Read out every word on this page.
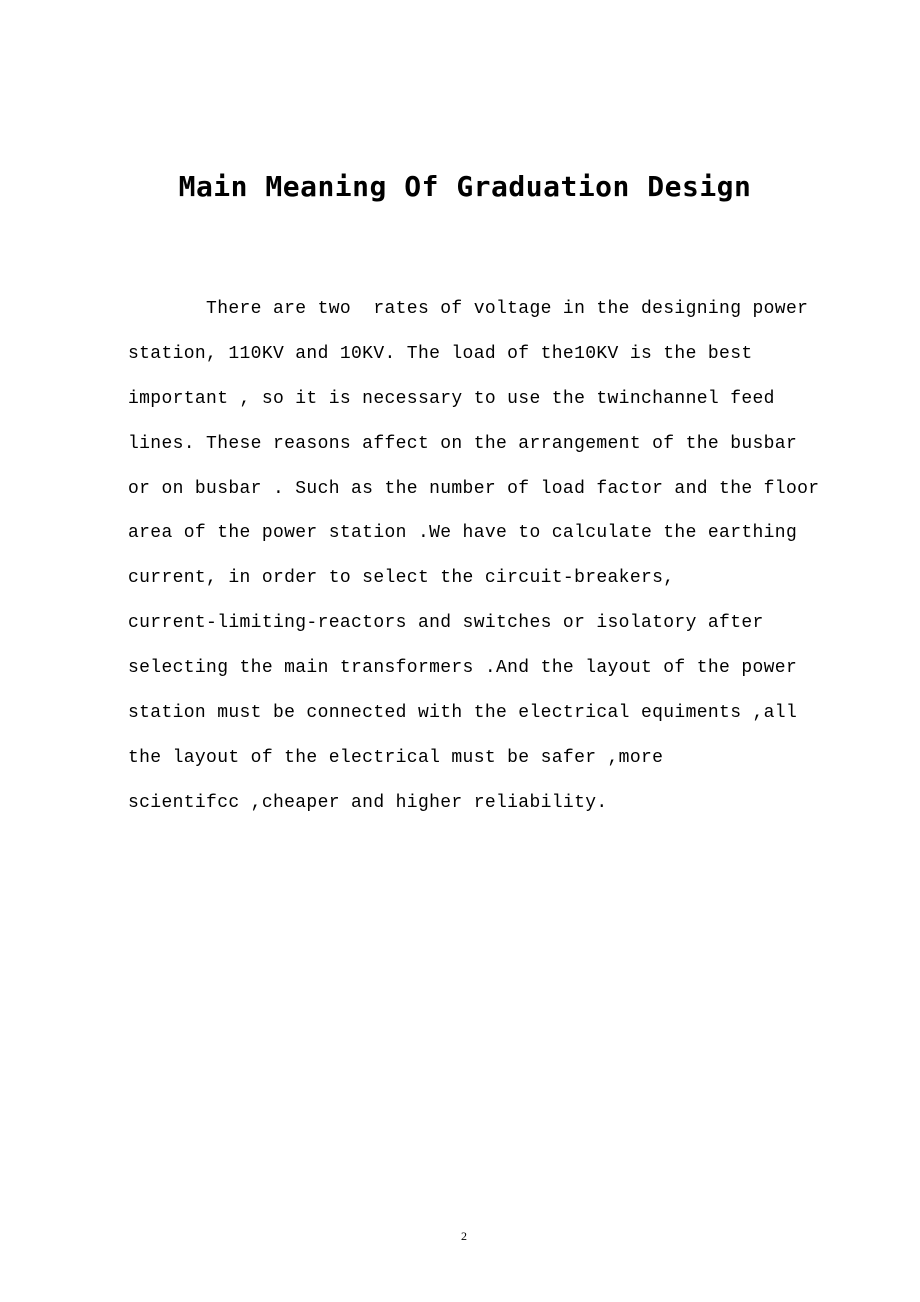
Main Meaning Of Graduation Design
There are two  rates of voltage in the designing power
station, 110KV and 10KV. The load of the10KV is the best
important , so it is necessary to use the twinchannel feed
lines. These reasons affect on the arrangement of the busbar
or on busbar . Such as the number of load factor and the floor
area of the power station .We have to calculate the earthing
current, in order to select the circuit-breakers,
current-limiting-reactors and switches or isolatory after
selecting the main transformers .And the layout of the power
station must be connected with the electrical equiments ,all
the layout of the electrical must be safer ,more
scientifcc ,cheaper and higher reliability.
2
